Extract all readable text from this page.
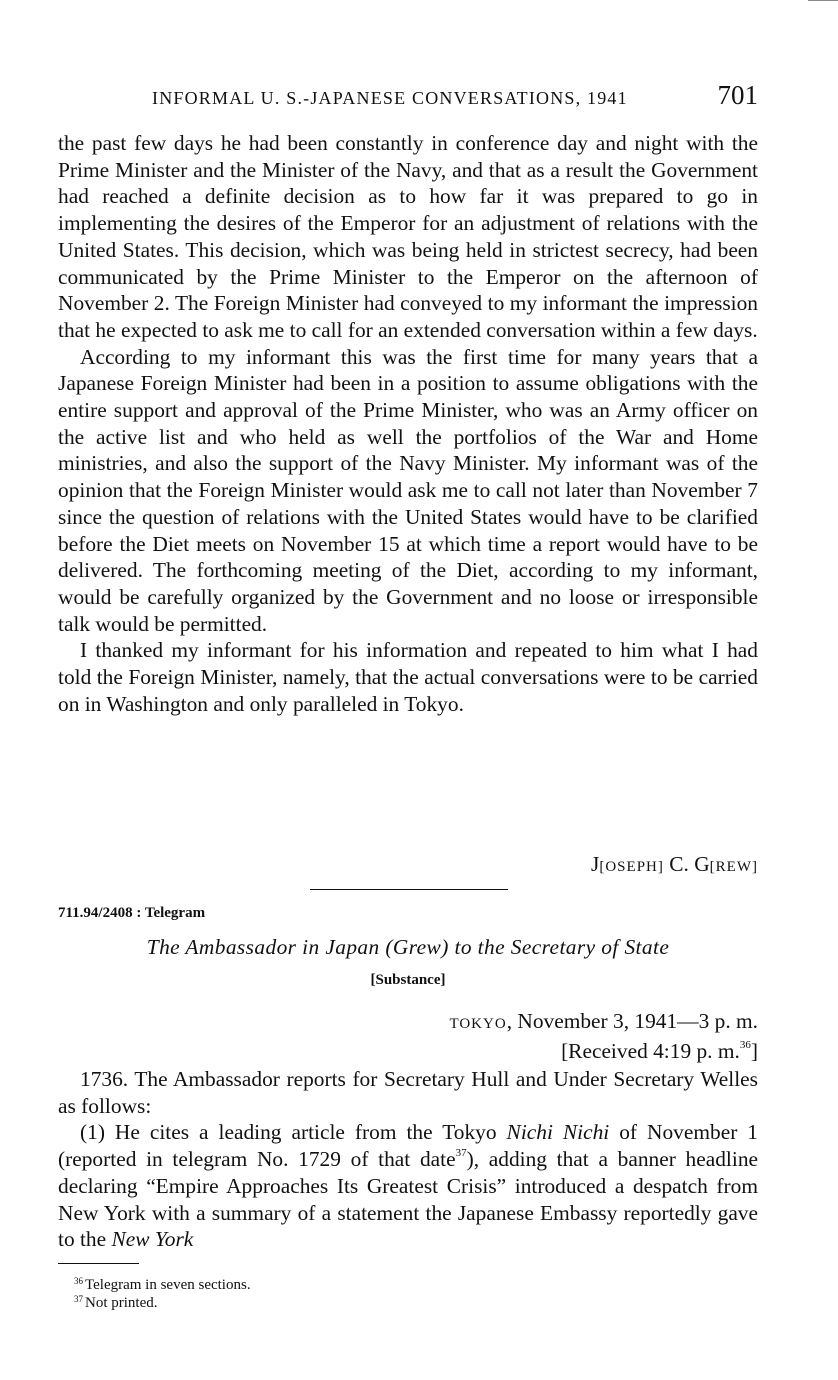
INFORMAL U. S.-JAPANESE CONVERSATIONS, 1941	701

the past few days he had been constantly in conference day and night with the Prime Minister and the Minister of the Navy, and that as a result the Government had reached a definite decision as to how far it was prepared to go in implementing the desires of the Emperor for an adjustment of relations with the United States. This decision, which was being held in strictest secrecy, had been communicated by the Prime Minister to the Emperor on the afternoon of November 2. The Foreign Minister had conveyed to my informant the impression that he expected to ask me to call for an extended conversation within a few days.

According to my informant this was the first time for many years that a Japanese Foreign Minister had been in a position to assume obligations with the entire support and approval of the Prime Minister, who was an Army officer on the active list and who held as well the portfolios of the War and Home ministries, and also the support of the Navy Minister. My informant was of the opinion that the Foreign Minister would ask me to call not later than November 7 since the question of relations with the United States would have to be clarified before the Diet meets on November 15 at which time a report would have to be delivered. The forthcoming meeting of the Diet, according to my informant, would be carefully organized by the Government and no loose or irresponsible talk would be permitted.

I thanked my informant for his information and repeated to him what I had told the Foreign Minister, namely, that the actual conversations were to be carried on in Washington and only paralleled in Tokyo.

J[OSEPH] C. G[REW]
711.94/2408 : Telegram
The Ambassador in Japan (Grew) to the Secretary of State
[Substance]
TOKYO, November 3, 1941—3 p. m.
[Received 4:19 p. m.$^{36}$]

1736. The Ambassador reports for Secretary Hull and Under Secretary Welles as follows:

(1) He cites a leading article from the Tokyo Nichi Nichi of November 1 (reported in telegram No. 1729 of that date$^{37}$), adding that a banner headline declaring “Empire Approaches Its Greatest Crisis” introduced a despatch from New York with a summary of a statement the Japanese Embassy reportedly gave to the New York

$^{36}$ Telegram in seven sections.
$^{37}$ Not printed.
